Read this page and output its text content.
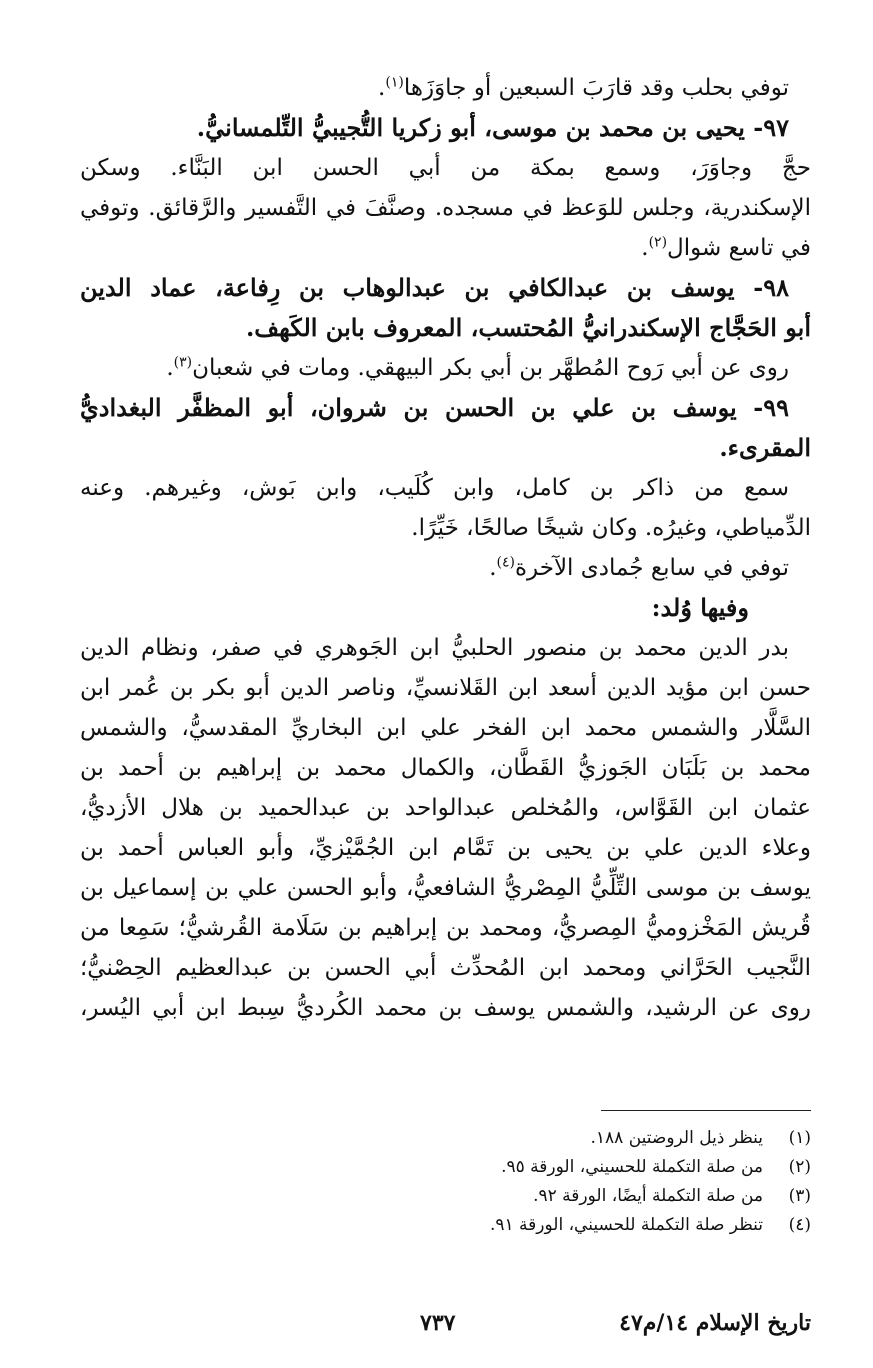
توفي بحلب وقد قارَبَ السبعين أو جاوَزَها$^{(١)}$.
٩٧- يحيى بن محمد بن موسى، أبو زكريا التُّجيبيُّ التِّلمسانيُّ.
حجَّ وجاوَرَ، وسمع بمكة من أبي الحسن ابن البَنَّاء. وسكن
الإسكندرية، وجلس للوَعظ في مسجده. وصنَّفَ في التَّفسير والرَّقائق. وتوفي
في تاسع شوال$^{(٢)}$.
٩٨- يوسف بن عبدالكافي بن عبدالوهاب بن رِفاعة، عماد الدين
أبو الحَجَّاج الإسكندرانيُّ المُحتسب، المعروف بابن الكَهف.
روى عن أبي رَوح المُطهَّر بن أبي بكر البيهقي. ومات في شعبان$^{(٣)}$.
٩٩- يوسف بن علي بن الحسن بن شروان، أبو المظفَّر البغداديُّ
المقرىء.
سمع من ذاكر بن كامل، وابن كُلَيب، وابن بَوش، وغيرهم. وعنه
الدِّمياطي، وغيرُه. وكان شيخًا صالحًا، خَيِّرًا.
توفي في سابع جُمادى الآخرة$^{(٤)}$.
وفيها وُلد:
بدر الدين محمد بن منصور الحلبيُّ ابن الجَوهري في صفر، ونظام الدين
حسن ابن مؤيد الدين أسعد ابن القَلانسيِّ، وناصر الدين أبو بكر بن عُمر ابن
السَّلَّار والشمس محمد ابن الفخر علي ابن البخاريِّ المقدسيُّ، والشمس
محمد بن بَلَبَان الجَوزيُّ القَطَّان، والكمال محمد بن إبراهيم بن أحمد بن
عثمان ابن القَوَّاس، والمُخلص عبدالواحد بن عبدالحميد بن هلال الأزديُّ،
وعلاء الدين علي بن يحيى بن تَمَّام ابن الجُمَّيْزيِّ، وأبو العباس أحمد بن
يوسف بن موسى التِّلِّيُّ المِصْريُّ الشافعيُّ، وأبو الحسن علي بن إسماعيل بن
قُريش المَخْزوميُّ المِصريُّ، ومحمد بن إبراهيم بن سَلَامة القُرشيُّ؛ سَمِعا من
النَّجيب الحَرَّاني ومحمد ابن المُحدِّث أبي الحسن بن عبدالعظيم الحِصْنيُّ؛
روى عن الرشيد، والشمس يوسف بن محمد الكُرديُّ سِبط ابن أبي اليُسر،
(١)
ينظر ذيل الروضتين ١٨٨.
(٢)
من صلة التكملة للحسيني، الورقة ٩٥.
(٣)
من صلة التكملة أيضًا، الورقة ٩٢.
(٤)
تنظر صلة التكملة للحسيني، الورقة ٩١.
تاريخ الإسلام ١٤/م٤٧
٧٣٧
